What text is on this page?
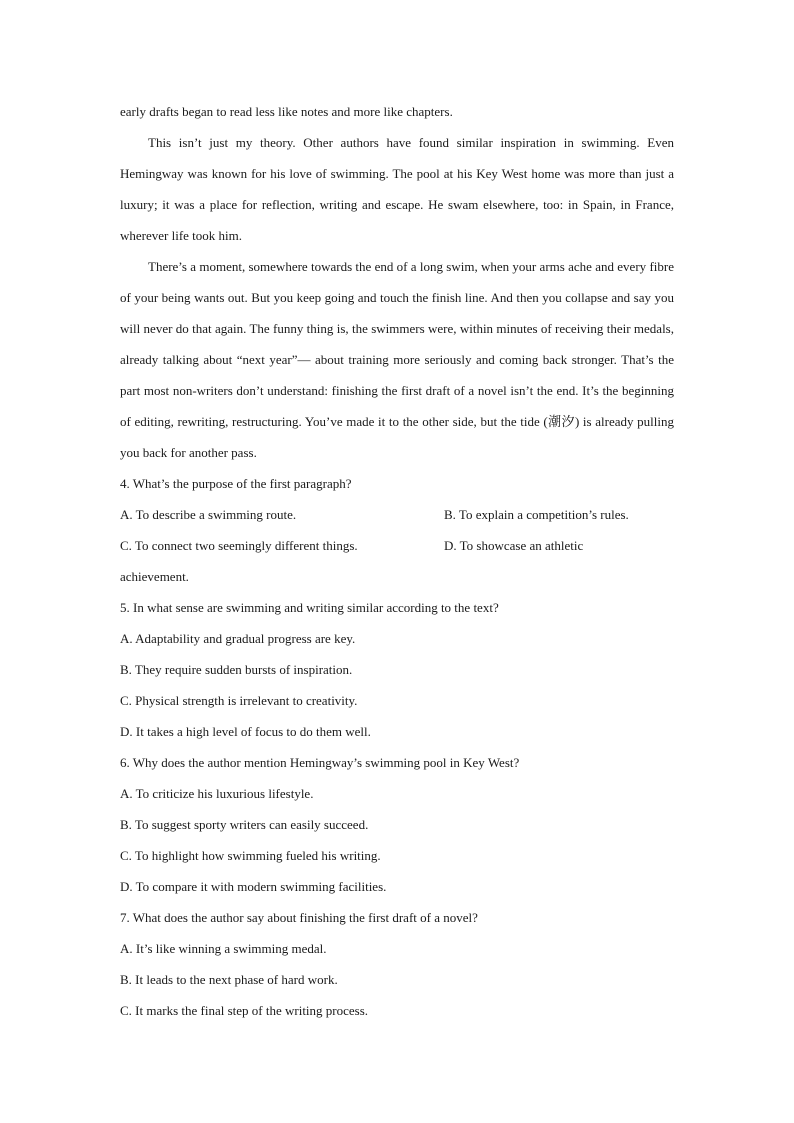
early drafts began to read less like notes and more like chapters.

This isn’t just my theory. Other authors have found similar inspiration in swimming. Even Hemingway was known for his love of swimming. The pool at his Key West home was more than just a luxury; it was a place for reflection, writing and escape. He swam elsewhere, too: in Spain, in France, wherever life took him.

There’s a moment, somewhere towards the end of a long swim, when your arms ache and every fibre of your being wants out. But you keep going and touch the finish line. And then you collapse and say you will never do that again. The funny thing is, the swimmers were, within minutes of receiving their medals, already talking about “next year”— about training more seriously and coming back stronger. That’s the part most non-writers don’t understand: finishing the first draft of a novel isn’t the end. It’s the beginning of editing, rewriting, restructuring. You’ve made it to the other side, but the tide (潮汐) is already pulling you back for another pass.

4. What’s the purpose of the first paragraph?

A. To describe a swimming route.	B. To explain a competition’s rules.
C. To connect two seemingly different things.	D. To showcase an athletic

achievement.

5. In what sense are swimming and writing similar according to the text?

A. Adaptability and gradual progress are key.

B. They require sudden bursts of inspiration.

C. Physical strength is irrelevant to creativity.

D. It takes a high level of focus to do them well.

6. Why does the author mention Hemingway’s swimming pool in Key West?

A. To criticize his luxurious lifestyle.

B. To suggest sporty writers can easily succeed.

C. To highlight how swimming fueled his writing.

D. To compare it with modern swimming facilities.

7. What does the author say about finishing the first draft of a novel?

A. It’s like winning a swimming medal.

B. It leads to the next phase of hard work.

C. It marks the final step of the writing process.
